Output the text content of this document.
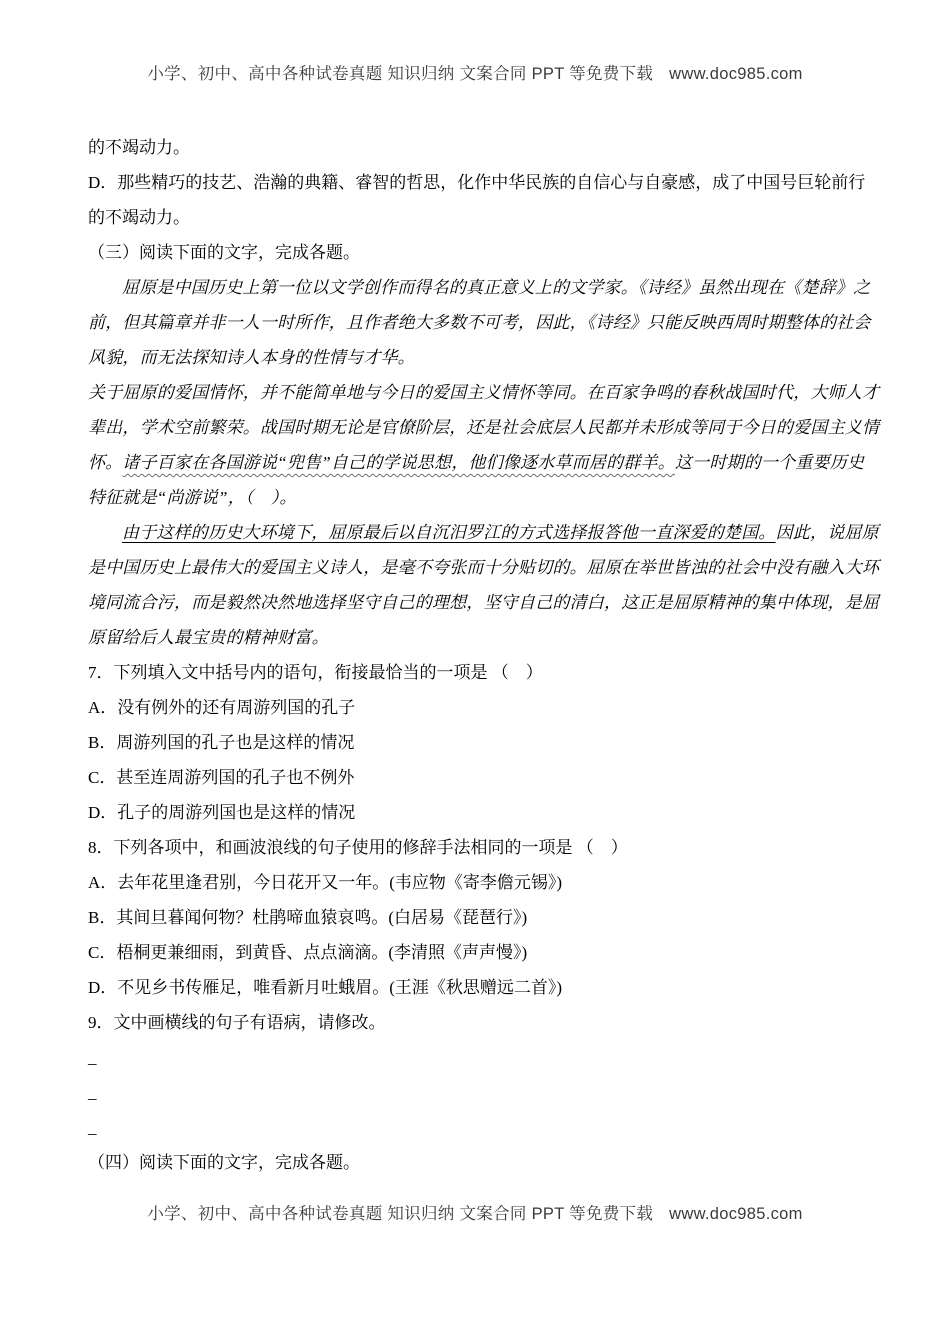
小学、初中、高中各种试卷真题 知识归纳 文案合同 PPT 等免费下载 www.doc985.com

的不竭动力。

D．那些精巧的技艺、浩瀚的典籍、睿智的哲思，化作中华民族的自信心与自豪感，成了中国号巨轮前行的不竭动力。

（三）阅读下面的文字，完成各题。

屈原是中国历史上第一位以文学创作而得名的真正意义上的文学家。《诗经》虽然出现在《楚辞》之前，但其篇章并非一人一时所作，且作者绝大多数不可考，因此，《诗经》只能反映西周时期整体的社会风貌，而无法探知诗人本身的性情与才华。

关于屈原的爱国情怀，并不能简单地与今日的爱国主义情怀等同。在百家争鸣的春秋战国时代，大师人才辈出，学术空前繁荣。战国时期无论是官僚阶层，还是社会底层人民都并未形成等同于今日的爱国主义情怀。诸子百家在各国游说“兜售”自己的学说思想，他们像逐水草而居的群羊。这一时期的一个重要历史特征就是“尚游说”，（　）。

由于这样的历史大环境下，屈原最后以自沉汨罗江的方式选择报答他一直深爱的楚国。因此，说屈原是中国历史上最伟大的爱国主义诗人，是毫不夸张而十分贴切的。屈原在举世皆浊的社会中没有融入大环境同流合污，而是毅然决然地选择坚守自己的理想，坚守自己的清白，这正是屈原精神的集中体现，是屈原留给后人最宝贵的精神财富。

7．下列填入文中括号内的语句，衔接最恰当的一项是 （　）

A．没有例外的还有周游列国的孔子

B．周游列国的孔子也是这样的情况

C．甚至连周游列国的孔子也不例外

D．孔子的周游列国也是这样的情况

8．下列各项中，和画波浪线的句子使用的修辞手法相同的一项是 （　）

A．去年花里逢君别，今日花开又一年。(韦应物《寄李儋元锡》)

B．其间旦暮闻何物？杜鹃啼血猿哀鸣。(白居易《琵琶行》)

C．梧桐更兼细雨，到黄昏、点点滴滴。(李清照《声声慢》)

D．不见乡书传雁足，唯看新月吐蛾眉。(王涯《秋思赠远二首》)

9．文中画横线的句子有语病，请修改。

_

_

_

（四）阅读下面的文字，完成各题。

小学、初中、高中各种试卷真题 知识归纳 文案合同 PPT 等免费下载 www.doc985.com
